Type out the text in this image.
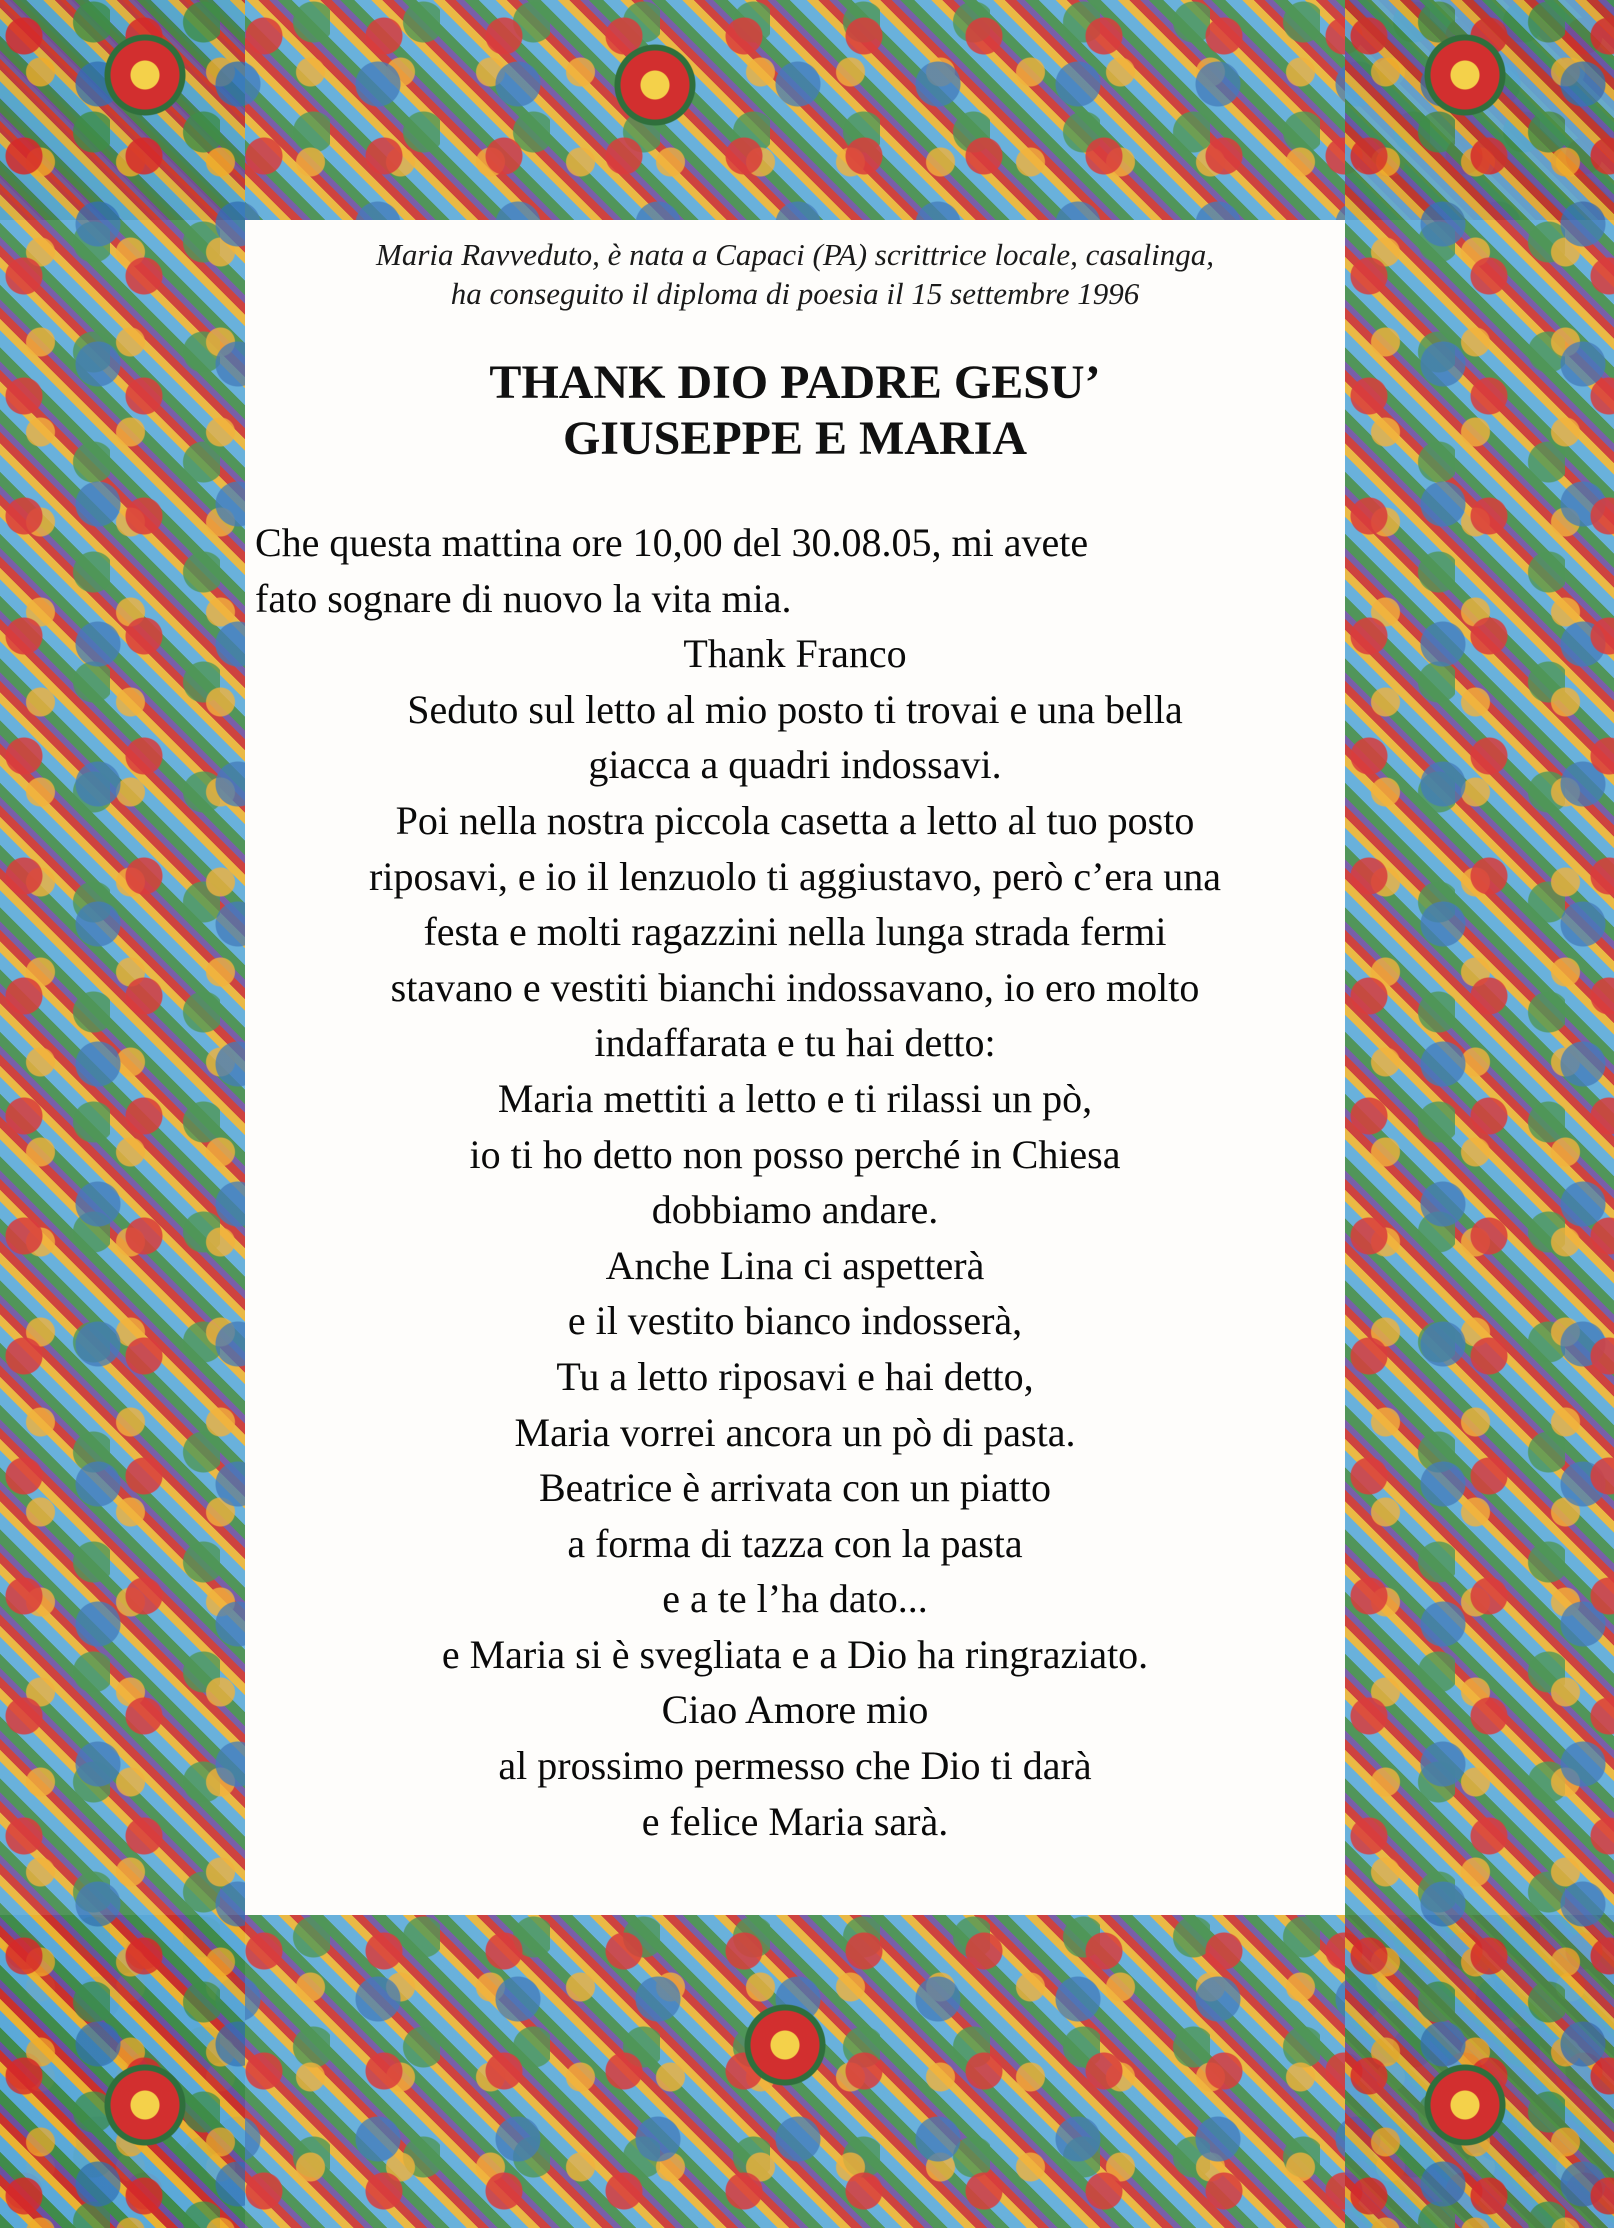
Maria Ravveduto, è nata a Capaci (PA) scrittrice locale, casalinga,
ha conseguito il diploma di poesia il 15 settembre 1996

THANK DIO PADRE GESU’
GIUSEPPE E MARIA
Che questa mattina ore 10,00 del 30.08.05, mi avete
fato sognare di nuovo la vita mia.
Thank Franco
Seduto sul letto al mio posto ti trovai e una bella
giacca a quadri indossavi.
Poi nella nostra piccola casetta a letto al tuo posto
riposavi, e io il lenzuolo ti aggiustavo, però c’era una
festa e molti ragazzini nella lunga strada fermi
stavano e vestiti bianchi indossavano, io ero molto
indaffarata e tu hai detto:
Maria mettiti a letto e ti rilassi un pò,
io ti ho detto non posso perché in Chiesa
dobbiamo andare.
Anche Lina ci aspetterà
e il vestito bianco indosserà,
Tu a letto riposavi e hai detto,
Maria vorrei ancora un pò di pasta.
Beatrice è arrivata con un piatto
a forma di tazza con la pasta
e a te l’ha dato...
e Maria si è svegliata e a Dio ha ringraziato.
Ciao Amore mio
al prossimo permesso che Dio ti darà
e felice Maria sarà.
